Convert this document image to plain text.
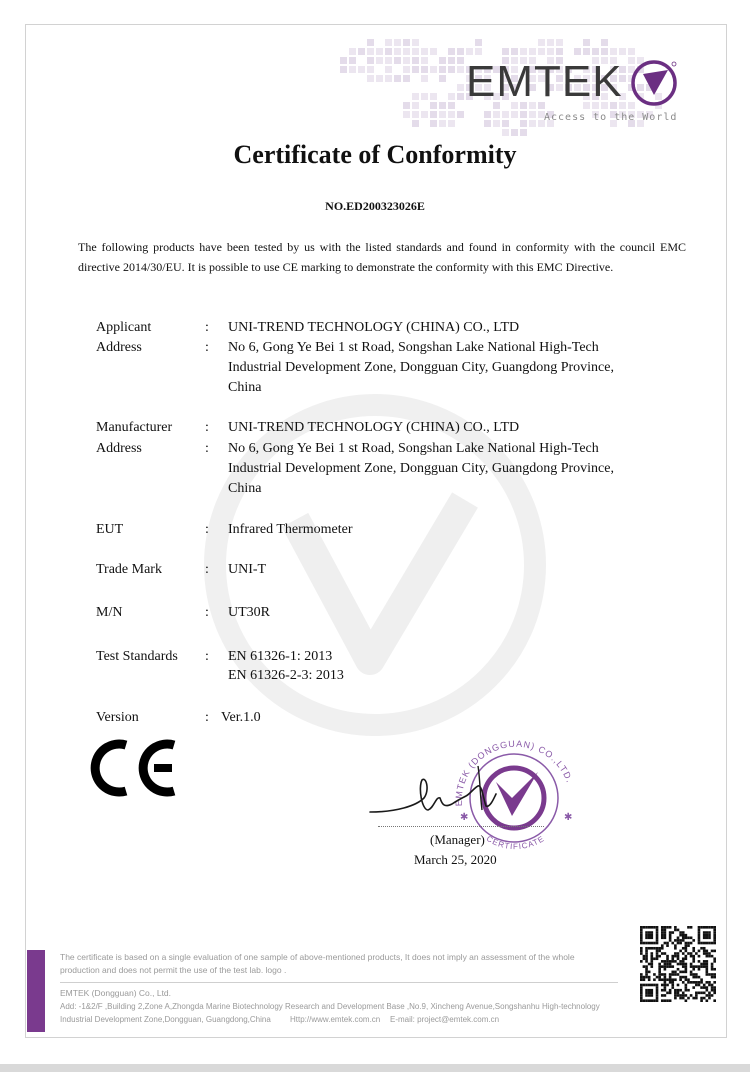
EMTEK
Access to the World
Certificate of Conformity
NO.ED200323026E
The following products have been tested by us with the listed standards and found in conformity with the council EMC directive 2014/30/EU. It is possible to use CE marking to demonstrate the conformity with this EMC Directive.
Applicant	: UNI-TREND TECHNOLOGY (CHINA) CO., LTD
Address	: No 6, Gong Ye Bei 1 st Road, Songshan Lake National High-Tech
Industrial Development Zone, Dongguan City, Guangdong Province,
China
Manufacturer : UNI-TREND TECHNOLOGY (CHINA) CO., LTD
Address	: No 6, Gong Ye Bei 1 st Road, Songshan Lake National High-Tech
Industrial Development Zone, Dongguan City, Guangdong Province,
China
EUT	: Infrared Thermometer
Trade Mark	: UNI-T
M/N	: UT30R
Test Standards : EN 61326-1: 2013
EN 61326-2-3: 2013
Version	: Ver.1.0
EMTEK (DONGGUAN) CO.,LTD.
CERTIFICATE
✱	✱
(Manager)
March 25, 2020
The certificate is based on a single evaluation of one sample of above-mentioned products, It does not imply an assessment of the whole
production and does not permit the use of the test lab. logo .
EMTEK (Dongguan) Co., Ltd.
Add: -1&2/F ,Building 2,Zone A,Zhongda Marine Biotechnology Research and Development Base ,No.9, Xincheng Avenue,Songshanhu High-technology
Industrial Development Zone,Dongguan, Guangdong,China Http://www.emtek.com.cn E-mail: project@emtek.com.cn
